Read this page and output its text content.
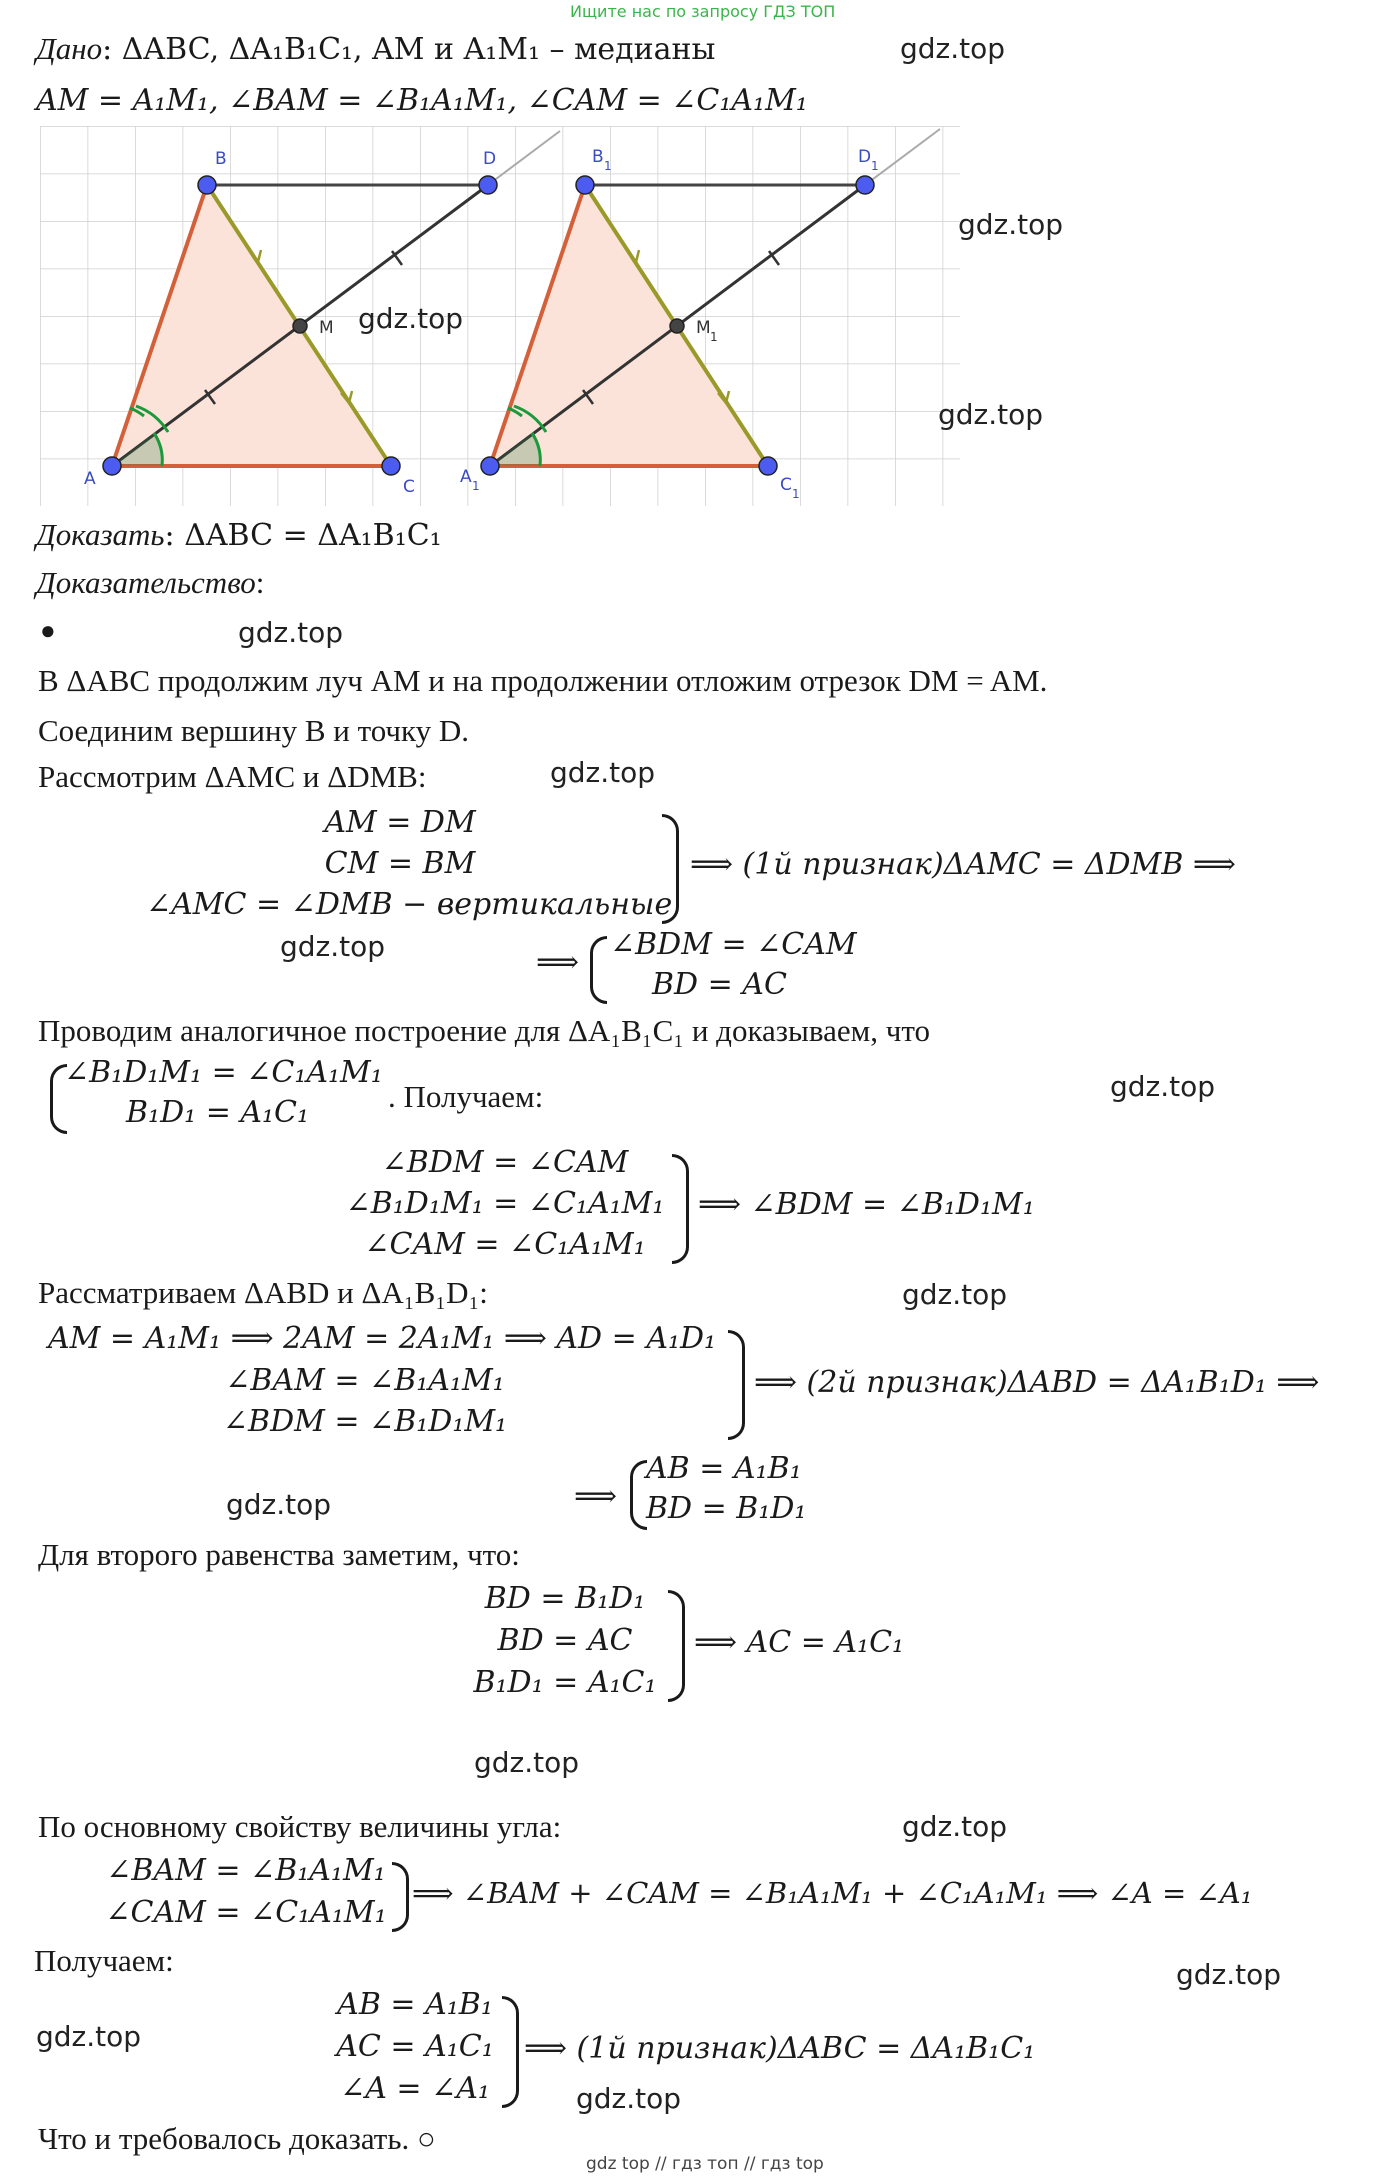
Ищите нас по запросу ГДЗ ТОП
Дано: ΔABC, ΔA₁B₁C₁, AM и A₁M₁ – медианы
AM = A₁M₁, ∠BAM = ∠B₁A₁M₁, ∠CAM = ∠C₁A₁M₁
A
B
C
D
M
A 1
B 1
C 1
D 1
M 1
Доказать: ΔABC = ΔA₁B₁C₁
Доказательство:
●
В ΔABC продолжим луч AM и на продолжении отложим отрезок DM = AM.
Соединим вершину B и точку D.
Рассмотрим ΔAMC и ΔDMB:
AM = DM
CM = BM
∠AMC = ∠DMB − вертикальные
⟹ (1й признак)ΔAMC = ΔDMB ⟹
⟹
∠BDM = ∠CAM
BD = AC
Проводим аналогичное построение для ΔA₁B₁C₁ и доказываем, что
∠B₁D₁M₁ = ∠C₁A₁M₁
B₁D₁ = A₁C₁	. Получаем:
∠BDM = ∠CAM
∠B₁D₁M₁ = ∠C₁A₁M₁
∠CAM = ∠C₁A₁M₁
⟹ ∠BDM = ∠B₁D₁M₁
Рассматриваем ΔABD и ΔA₁B₁D₁:
AM = A₁M₁ ⟹ 2AM = 2A₁M₁ ⟹ AD = A₁D₁
∠BAM = ∠B₁A₁M₁
∠BDM = ∠B₁D₁M₁
⟹ (2й признак)ΔABD = ΔA₁B₁D₁ ⟹
⟹
AB = A₁B₁
BD = B₁D₁
Для второго равенства заметим, что:
BD = B₁D₁
BD = AC
B₁D₁ = A₁C₁
⟹ AC = A₁C₁
По основному свойству величины угла:
∠BAM = ∠B₁A₁M₁
∠CAM = ∠C₁A₁M₁
⟹ ∠BAM + ∠CAM = ∠B₁A₁M₁ + ∠C₁A₁M₁ ⟹ ∠A = ∠A₁
Получаем:
AB = A₁B₁
AC = A₁C₁
∠A = ∠A₁
⟹ (1й признак)ΔABC = ΔA₁B₁C₁
Что и требовалось доказать. ○
gdz.top
gdz.top
gdz.top
gdz.top
gdz.top
gdz.top
gdz.top
gdz.top
gdz.top
gdz.top
gdz.top
gdz.top
gdz.top
gdz.top
gdz.top
gdz top // гдз топ // гдз top
